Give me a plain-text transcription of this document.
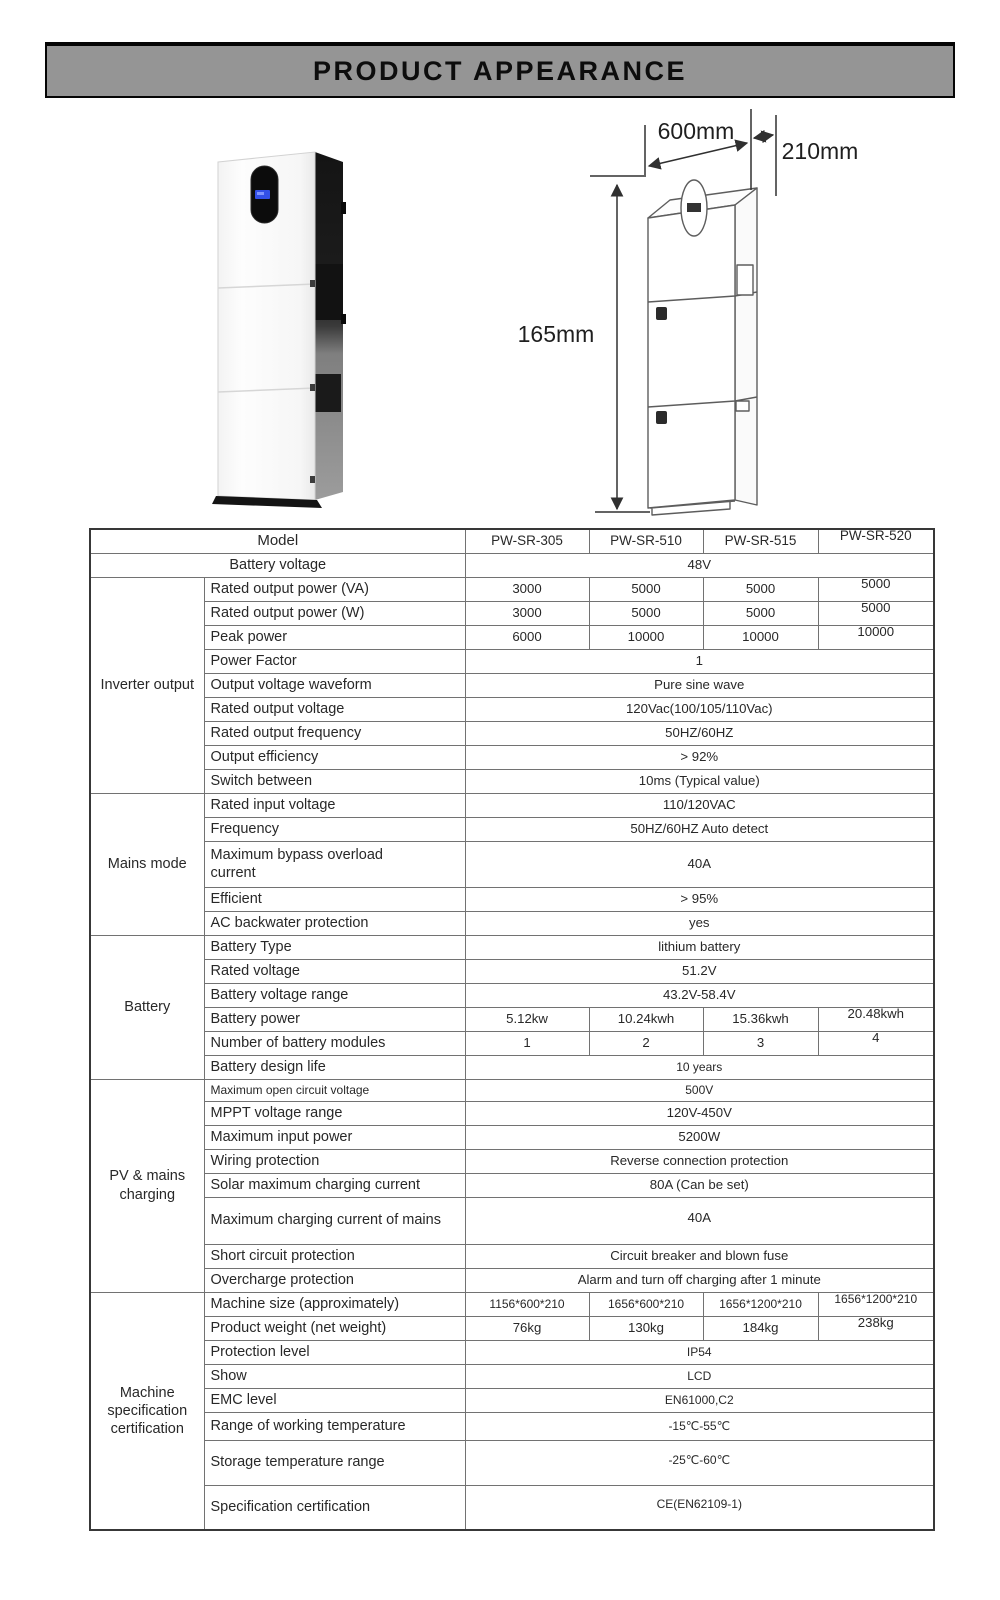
PRODUCT APPEARANCE
600mm
210mm
165mm
Model		PW-SR-305	PW-SR-510	PW-SR-515	PW-SR-520
Battery voltage		48V			
Inverter output	Rated output power (VA)	3000	5000	5000	5000
	Rated output power (W)	3000	5000	5000	5000
	Peak power	6000	10000	10000	10000
	Power Factor	1			
	Output voltage waveform	Pure sine wave			
	Rated output voltage	120Vac(100/105/110Vac)			
	Rated output frequency	50HZ/60HZ			
	Output efficiency	> 92%			
	Switch between	10ms (Typical value)			
Mains mode	Rated input voltage	110/120VAC			
	Frequency	50HZ/60HZ Auto detect			
	Maximum bypass overload current	40A			
	Efficient	> 95%			
	AC backwater protection	yes			
Battery	Battery Type	lithium battery			
	Rated voltage	51.2V			
	Battery voltage range	43.2V-58.4V			
	Battery power	5.12kw	10.24kwh	15.36kwh	20.48kwh
	Number of battery modules	1	2	3	4
	Battery design life	10 years			
PV & mains charging	Maximum open circuit voltage	500V			
	MPPT voltage range	120V-450V			
	Maximum input power	5200W			
	Wiring protection	Reverse connection protection			
	Solar maximum charging current	80A (Can be set)			

	Maximum charging current of mains	40A			

	Short circuit protection	Circuit breaker and blown fuse			
	Overcharge protection	Alarm and turn off charging after 1 minute			
Machine specification certification	Machine size (approximately)	1156*600*210	1656*600*210	1656*1200*210	1656*1200*210
	Product weight (net weight)	76kg	130kg	184kg	238kg
	Protection level	IP54			
	Show	LCD			
	EMC level	EN61000,C2			
	Range of working temperature	-15℃-55℃			
	Storage temperature range	-25℃-60℃			

	Specification certification	CE(EN62109-1)			
